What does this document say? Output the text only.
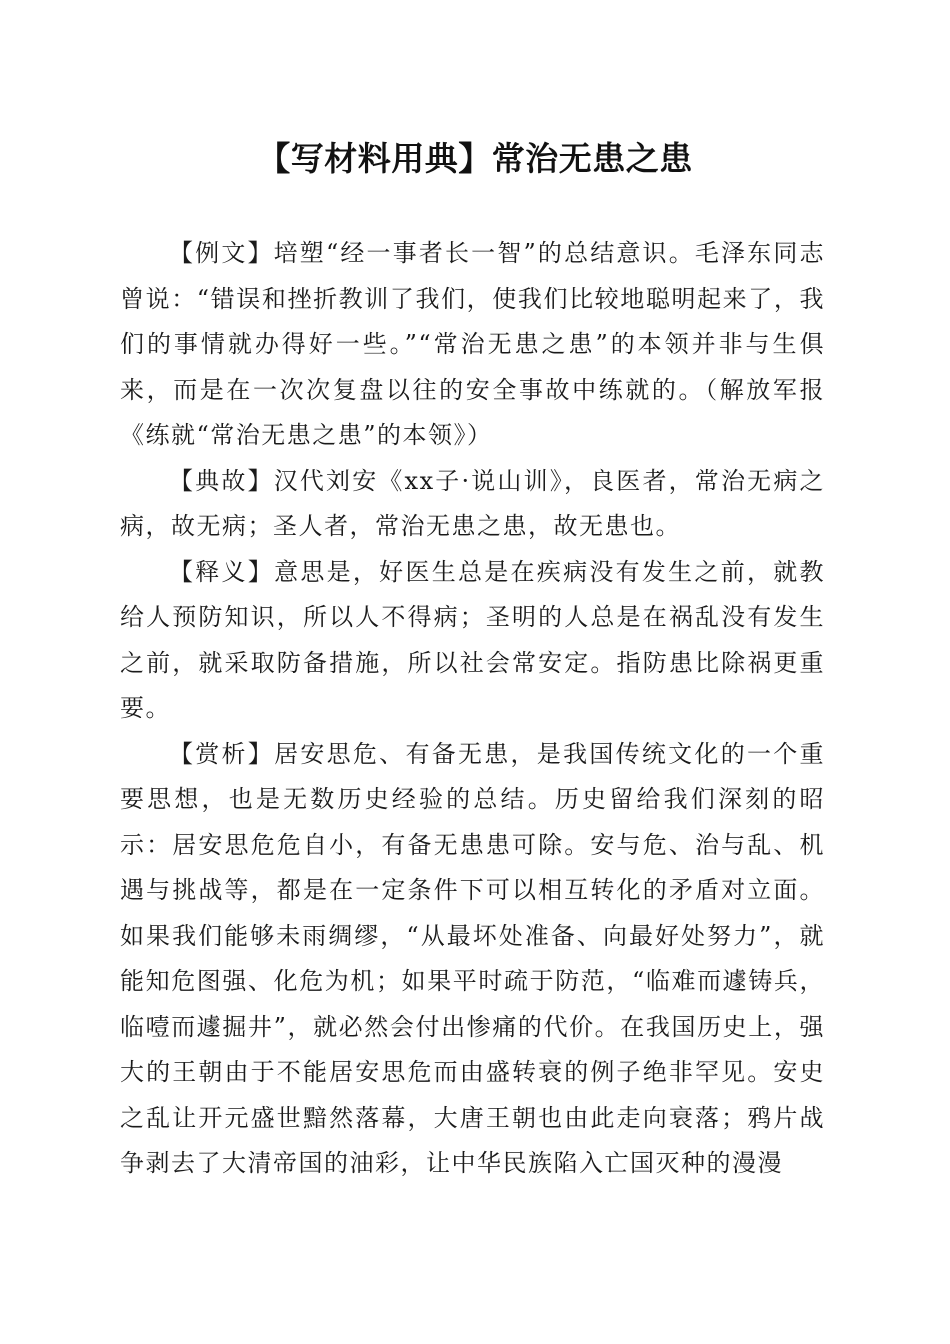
【写材料用典】常治无患之患

【例文】培塑“经一事者长一智”的总结意识。毛泽东同志曾说：“错误和挫折教训了我们，使我们比较地聪明起来了，我们的事情就办得好一些。”“常治无患之患”的本领并非与生俱来，而是在一次次复盘以往的安全事故中练就的。（解放军报《练就“常治无患之患”的本领》）

【典故】汉代刘安《xx子·说山训》，良医者，常治无病之病，故无病；圣人者，常治无患之患，故无患也。

【释义】意思是，好医生总是在疾病没有发生之前，就教给人预防知识，所以人不得病；圣明的人总是在祸乱没有发生之前，就采取防备措施，所以社会常安定。指防患比除祸更重要。

【赏析】居安思危、有备无患，是我国传统文化的一个重要思想，也是无数历史经验的总结。历史留给我们深刻的昭示：居安思危危自小，有备无患患可除。安与危、治与乱、机遇与挑战等，都是在一定条件下可以相互转化的矛盾对立面。如果我们能够未雨绸缪，“从最坏处准备、向最好处努力”，就能知危图强、化危为机；如果平时疏于防范，“临难而遽铸兵，临噎而遽掘井”，就必然会付出惨痛的代价。在我国历史上，强大的王朝由于不能居安思危而由盛转衰的例子绝非罕见。安史之乱让开元盛世黯然落幕，大唐王朝也由此走向衰落；鸦片战争剥去了大清帝国的油彩，让中华民族陷入亡国灭种的漫漫
